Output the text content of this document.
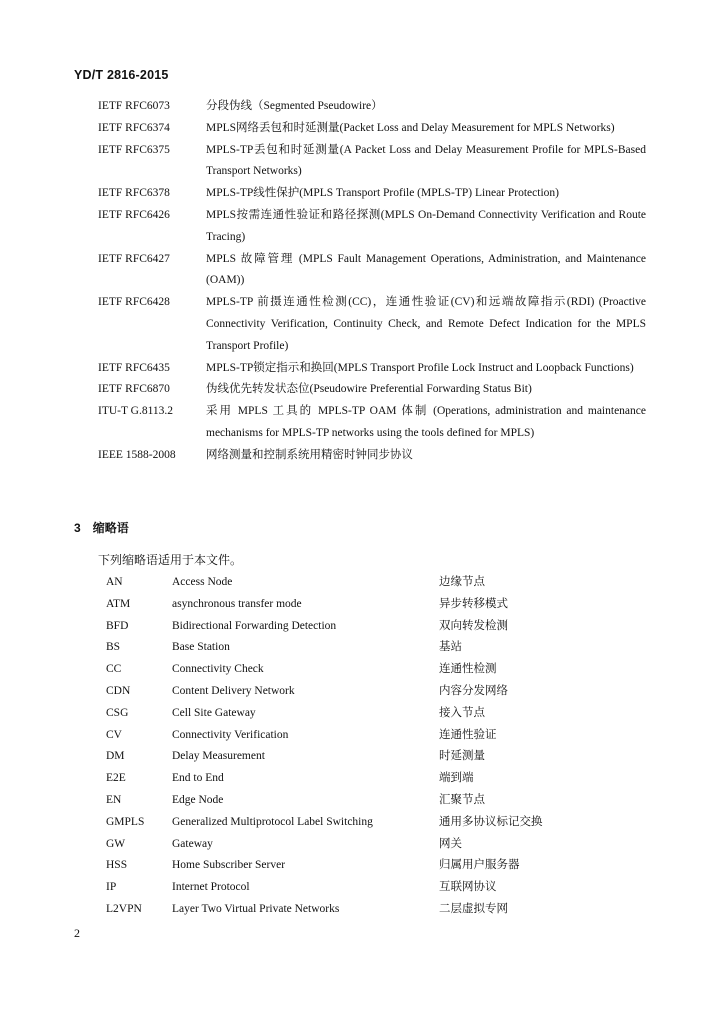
YD/T 2816-2015
IETF RFC6073	分段伪线（Segmented Pseudowire）
IETF RFC6374	MPLS网络丢包和时延测量(Packet Loss and Delay Measurement for MPLS Networks)
IETF RFC6375	MPLS-TP丢包和时延测量(A Packet Loss and Delay Measurement Profile for MPLS-Based Transport Networks)
IETF RFC6378	MPLS-TP线性保护(MPLS Transport Profile (MPLS-TP) Linear Protection)
IETF RFC6426	MPLS按需连通性验证和路径探测(MPLS On-Demand Connectivity Verification and Route Tracing)
IETF RFC6427	MPLS 故障管理 (MPLS Fault Management Operations, Administration, and Maintenance (OAM))
IETF RFC6428	MPLS-TP 前摄连通性检测(CC)，连通性验证(CV)和远端故障指示(RDI) (Proactive Connectivity Verification, Continuity Check, and Remote Defect Indication for the MPLS Transport Profile)
IETF RFC6435	MPLS-TP锁定指示和换回(MPLS Transport Profile Lock Instruct and Loopback Functions)
IETF RFC6870	伪线优先转发状态位(Pseudowire Preferential Forwarding Status Bit)
ITU-T G.8113.2	采用 MPLS 工具的 MPLS-TP OAM 体制 (Operations, administration and maintenance mechanisms for MPLS-TP networks using the tools defined for MPLS)
IEEE 1588-2008	网络测量和控制系统用精密时钟同步协议
3 缩略语
下列缩略语适用于本文件。
AN	Access Node	边缘节点
ATM	asynchronous transfer mode	异步转移模式
BFD	Bidirectional Forwarding Detection	双向转发检测
BS	Base Station	基站
CC	Connectivity Check	连通性检测
CDN	Content Delivery Network	内容分发网络
CSG	Cell Site Gateway	接入节点
CV	Connectivity Verification	连通性验证
DM	Delay Measurement	时延测量
E2E	End to End	端到端
EN	Edge Node	汇聚节点
GMPLS	Generalized Multiprotocol Label Switching	通用多协议标记交换
GW	Gateway	网关
HSS	Home Subscriber Server	归属用户服务器
IP	Internet Protocol	互联网协议
L2VPN	Layer Two Virtual Private Networks	二层虚拟专网
2
